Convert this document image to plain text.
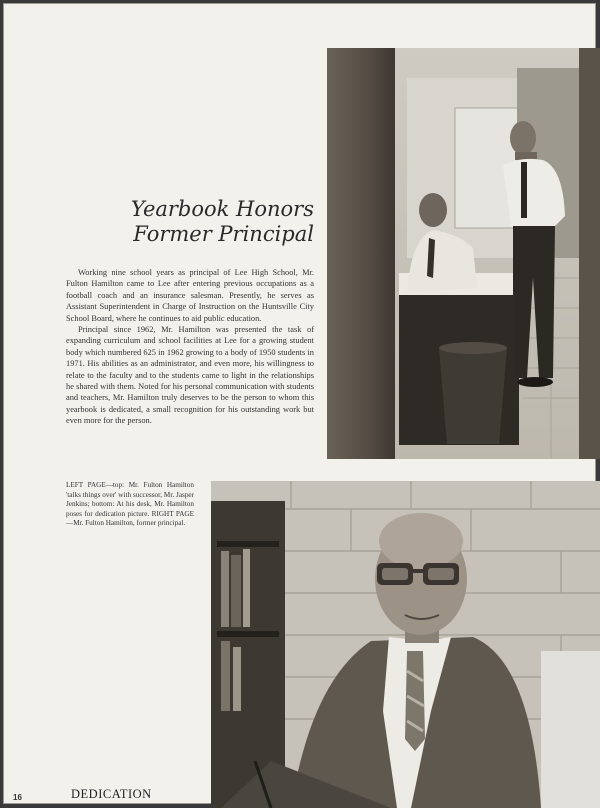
Yearbook Honors
Former Principal

Working nine school years as principal of Lee High School, Mr. Fulton Hamilton came to Lee after entering previous occupations as a football coach and an insurance salesman. Presently, he serves as Assistant Superintendent in Charge of Instruction on the Huntsville City School Board, where he continues to aid public education.

Principal since 1962, Mr. Hamilton was presented the task of expanding curriculum and school facilities at Lee for a growing student body which numbered 625 in 1962 growing to a body of 1950 students in 1971. His abilities as an administrator, and even more, his willingness to relate to the faculty and to the students came to light in the relationships he shared with them. Noted for his personal communication with students and teachers, Mr. Hamilton truly deserves to be the person to whom this yearbook is dedicated, a small recognition for his outstanding work but even more for the person.

LEFT PAGE—top: Mr. Fulton Hamilton 'talks things over' with successor, Mr. Jasper Jenkins; bottom: At his desk, Mr. Hamilton poses for dedication picture. RIGHT PAGE—Mr. Fulton Hamilton, former principal.

16	DEDICATION
